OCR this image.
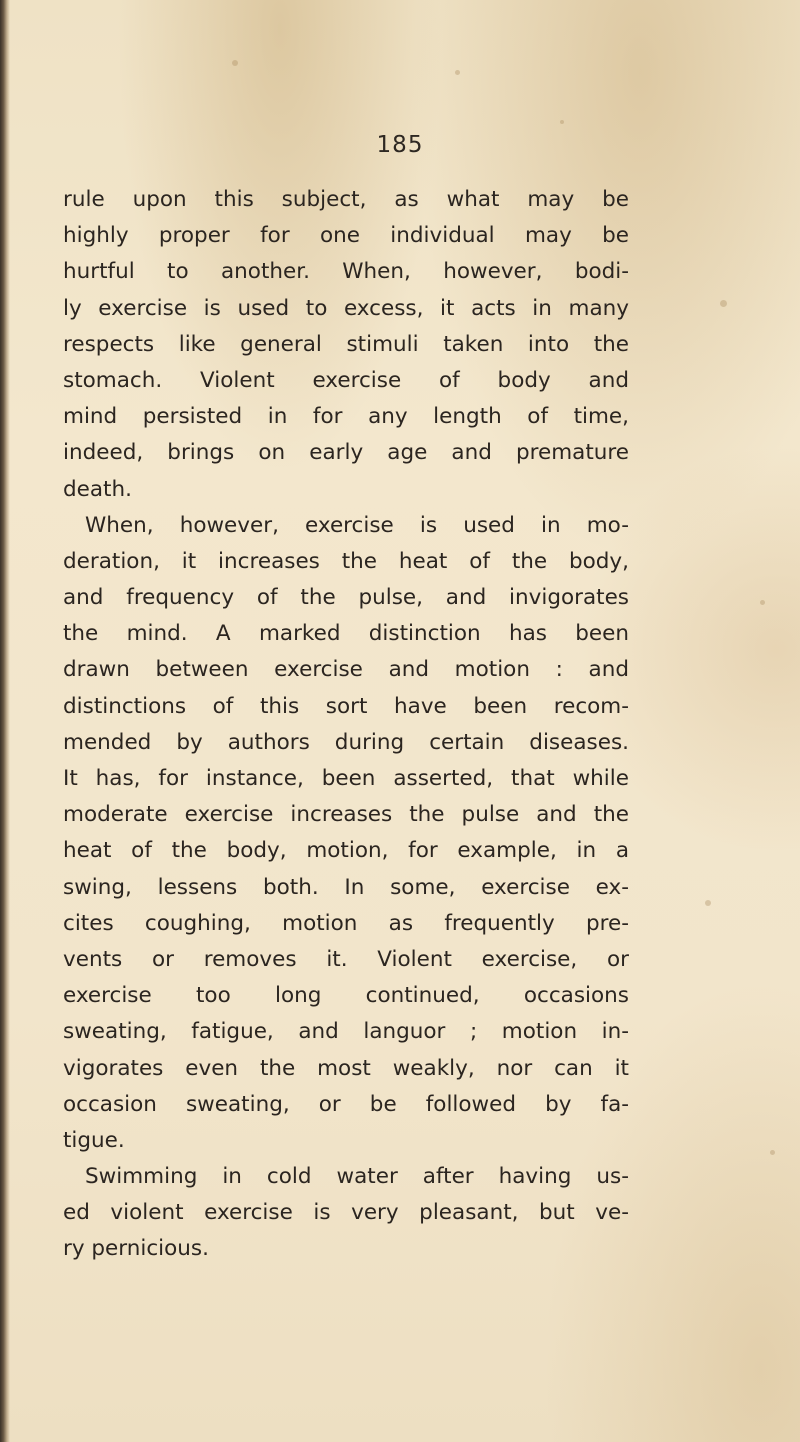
185

rule upon this subject, as what may be
highly proper for one individual may be
hurtful to another. When, however, bodi-
ly exercise is used to excess, it acts in many
respects like general stimuli taken into the
stomach. Violent exercise of body and
mind persisted in for any length of time,
indeed, brings on early age and premature
death.

When, however, exercise is used in mo-
deration, it increases the heat of the body,
and frequency of the pulse, and invigorates
the mind. A marked distinction has been
drawn between exercise and motion : and
distinctions of this sort have been recom-
mended by authors during certain diseases.
It has, for instance, been asserted, that while
moderate exercise increases the pulse and the
heat of the body, motion, for example, in a
swing, lessens both. In some, exercise ex-
cites coughing, motion as frequently pre-
vents or removes it. Violent exercise, or
exercise too long continued, occasions
sweating, fatigue, and languor ; motion in-
vigorates even the most weakly, nor can it
occasion sweating, or be followed by fa-
tigue.

Swimming in cold water after having us-
ed violent exercise is very pleasant, but ve-
ry pernicious.
